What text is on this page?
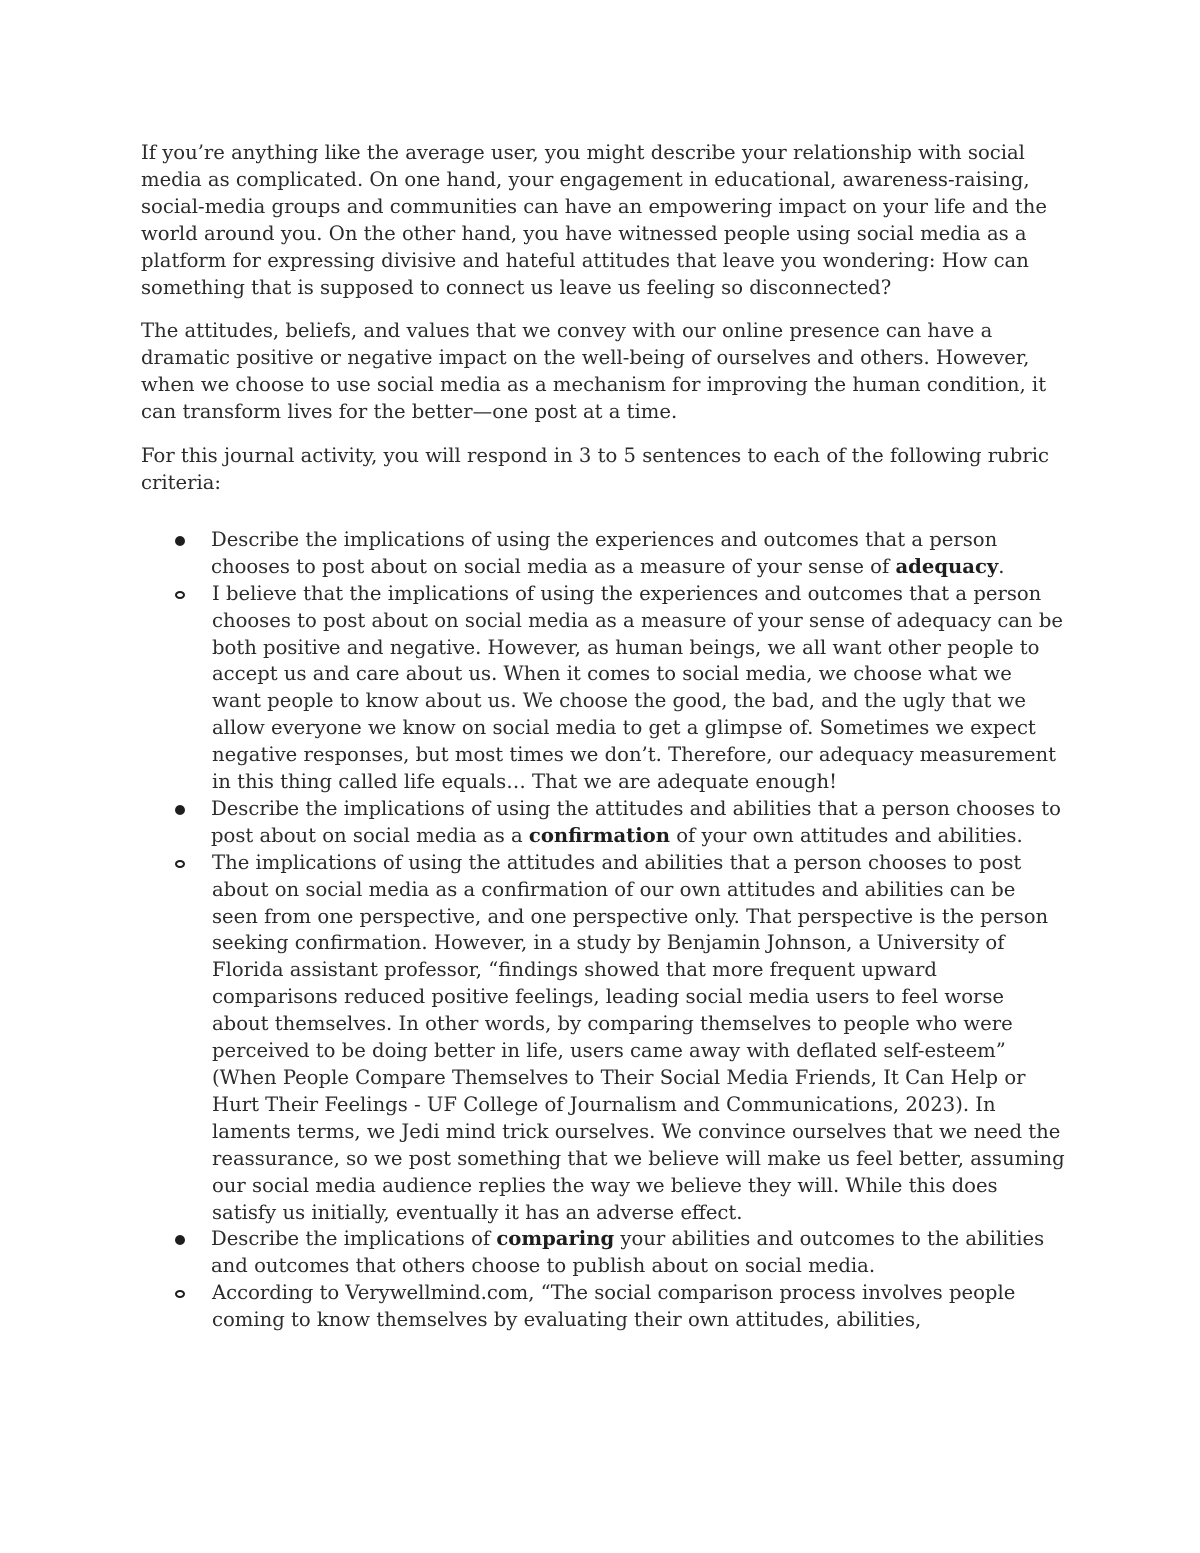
If you’re anything like the average user, you might describe your relationship with social media as complicated. On one hand, your engagement in educational, awareness-raising, social-media groups and communities can have an empowering impact on your life and the world around you. On the other hand, you have witnessed people using social media as a platform for expressing divisive and hateful attitudes that leave you wondering: How can something that is supposed to connect us leave us feeling so disconnected?

The attitudes, beliefs, and values that we convey with our online presence can have a dramatic positive or negative impact on the well-being of ourselves and others. However, when we choose to use social media as a mechanism for improving the human condition, it can transform lives for the better—one post at a time.

For this journal activity, you will respond in 3 to 5 sentences to each of the following rubric criteria:

Describe the implications of using the experiences and outcomes that a person chooses to post about on social media as a measure of your sense of adequacy.
I believe that the implications of using the experiences and outcomes that a person chooses to post about on social media as a measure of your sense of adequacy can be both positive and negative. However, as human beings, we all want other people to accept us and care about us. When it comes to social media, we choose what we want people to know about us. We choose the good, the bad, and the ugly that we allow everyone we know on social media to get a glimpse of. Sometimes we expect negative responses, but most times we don’t. Therefore, our adequacy measurement in this thing called life equals… That we are adequate enough!
Describe the implications of using the attitudes and abilities that a person chooses to post about on social media as a confirmation of your own attitudes and abilities.
The implications of using the attitudes and abilities that a person chooses to post about on social media as a confirmation of our own attitudes and abilities can be seen from one perspective, and one perspective only. That perspective is the person seeking confirmation. However, in a study by Benjamin Johnson, a University of Florida assistant professor, “findings showed that more frequent upward comparisons reduced positive feelings, leading social media users to feel worse about themselves. In other words, by comparing themselves to people who were perceived to be doing better in life, users came away with deflated self-esteem” (When People Compare Themselves to Their Social Media Friends, It Can Help or Hurt Their Feelings - UF College of Journalism and Communications, 2023). In laments terms, we Jedi mind trick ourselves. We convince ourselves that we need the reassurance, so we post something that we believe will make us feel better, assuming our social media audience replies the way we believe they will. While this does satisfy us initially, eventually it has an adverse effect.
Describe the implications of comparing your abilities and outcomes to the abilities and outcomes that others choose to publish about on social media.
According to Verywellmind.com, “The social comparison process involves people coming to know themselves by evaluating their own attitudes, abilities,
